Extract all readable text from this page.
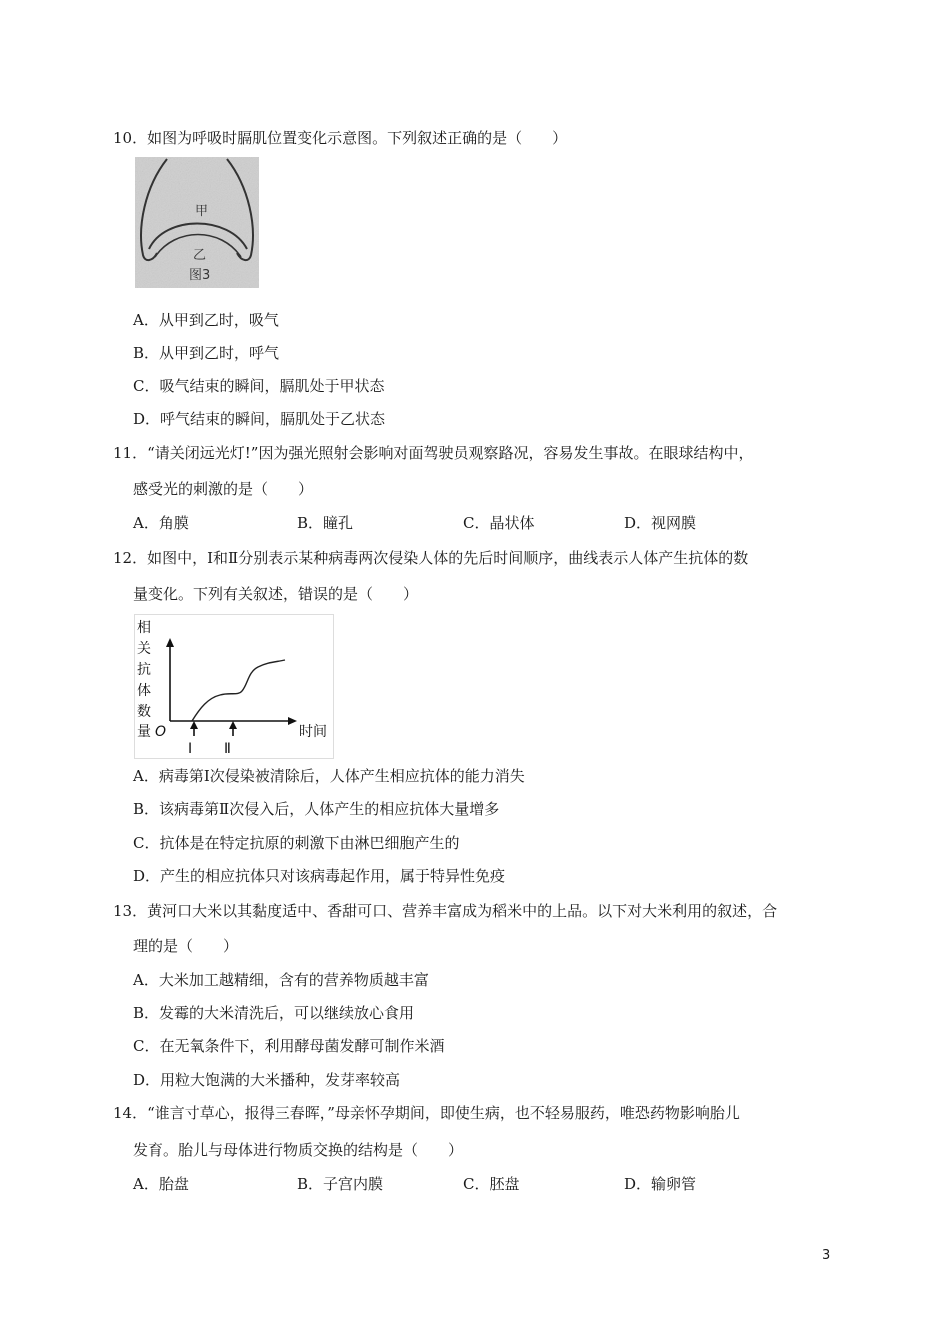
10．如图为呼吸时膈肌位置变化示意图。下列叙述正确的是（　　）
甲
乙
图3
A．从甲到乙时，吸气
B．从甲到乙时，呼气
C．吸气结束的瞬间，膈肌处于甲状态
D．呼气结束的瞬间，膈肌处于乙状态
11．“请关闭远光灯!”因为强光照射会影响对面驾驶员观察路况，容易发生事故。在眼球结构中，
感受光的刺激的是（　　）
A．角膜	B．瞳孔	C．晶状体	D．视网膜
12．如图中，Ⅰ和Ⅱ分别表示某种病毒两次侵染人体的先后时间顺序，曲线表示人体产生抗体的数
量变化。下列有关叙述，错误的是（　　）
相
关
抗
体
数
量 O	时间
Ⅰ Ⅱ
A．病毒第Ⅰ次侵染被清除后，人体产生相应抗体的能力消失
B．该病毒第Ⅱ次侵入后，人体产生的相应抗体大量增多
C．抗体是在特定抗原的刺激下由淋巴细胞产生的
D．产生的相应抗体只对该病毒起作用，属于特异性免疫
13．黄河口大米以其黏度适中、香甜可口、营养丰富成为稻米中的上品。以下对大米利用的叙述，合
理的是（　　）
A．大米加工越精细，含有的营养物质越丰富
B．发霉的大米清洗后，可以继续放心食用
C．在无氧条件下，利用酵母菌发酵可制作米酒
D．用粒大饱满的大米播种，发芽率较高
14．“谁言寸草心，报得三春晖，”母亲怀孕期间，即使生病，也不轻易服药，唯恐药物影响胎儿
发育。胎儿与母体进行物质交换的结构是（　　）
A．胎盘	B．子宫内膜	C．胚盘	D．输卵管
3
